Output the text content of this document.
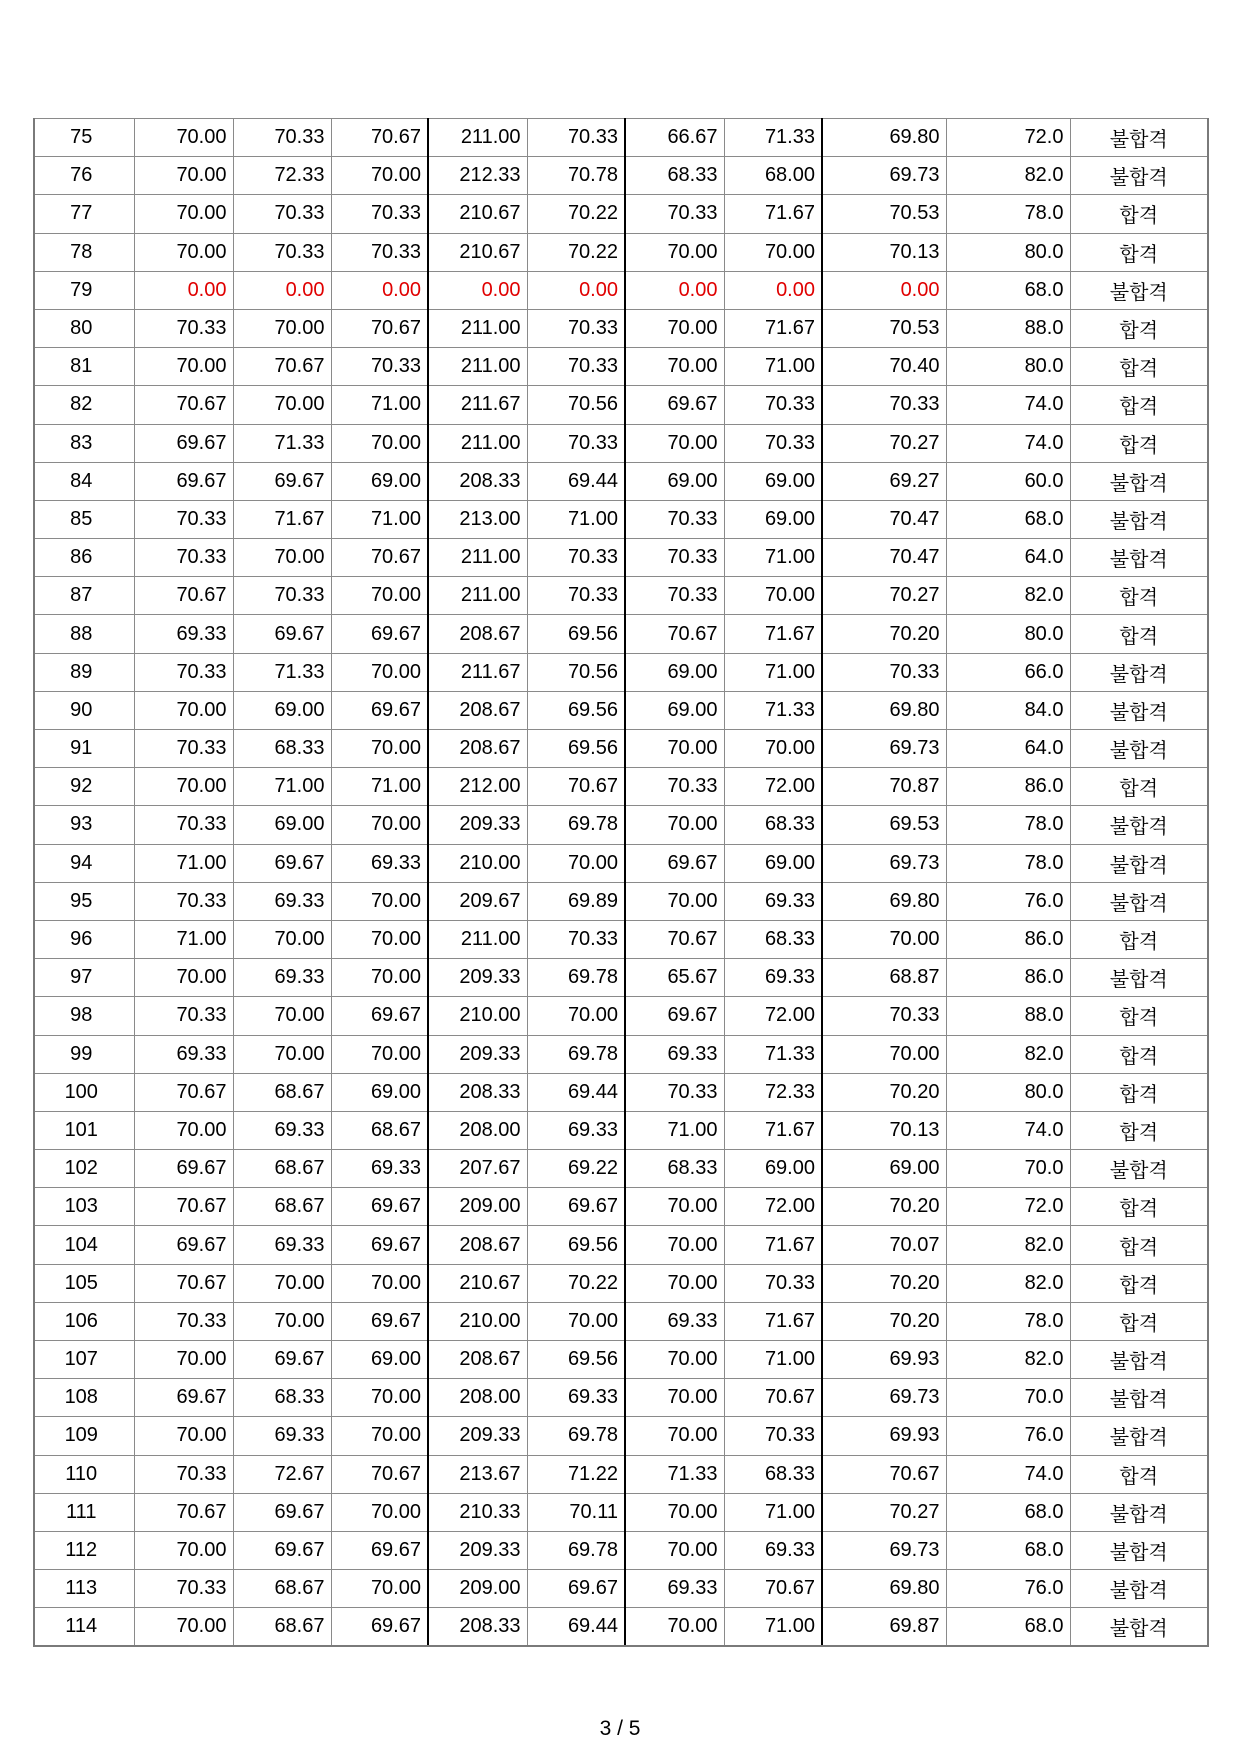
75	70.00	70.33	70.67	211.00	70.33	66.67	71.33	69.80	72.0	불합격
76	70.00	72.33	70.00	212.33	70.78	68.33	68.00	69.73	82.0	불합격
77	70.00	70.33	70.33	210.67	70.22	70.33	71.67	70.53	78.0	합격
78	70.00	70.33	70.33	210.67	70.22	70.00	70.00	70.13	80.0	합격
79	0.00	0.00	0.00	0.00	0.00	0.00	0.00	0.00	68.0	불합격
80	70.33	70.00	70.67	211.00	70.33	70.00	71.67	70.53	88.0	합격
81	70.00	70.67	70.33	211.00	70.33	70.00	71.00	70.40	80.0	합격
82	70.67	70.00	71.00	211.67	70.56	69.67	70.33	70.33	74.0	합격
83	69.67	71.33	70.00	211.00	70.33	70.00	70.33	70.27	74.0	합격
84	69.67	69.67	69.00	208.33	69.44	69.00	69.00	69.27	60.0	불합격
85	70.33	71.67	71.00	213.00	71.00	70.33	69.00	70.47	68.0	불합격
86	70.33	70.00	70.67	211.00	70.33	70.33	71.00	70.47	64.0	불합격
87	70.67	70.33	70.00	211.00	70.33	70.33	70.00	70.27	82.0	합격
88	69.33	69.67	69.67	208.67	69.56	70.67	71.67	70.20	80.0	합격
89	70.33	71.33	70.00	211.67	70.56	69.00	71.00	70.33	66.0	불합격
90	70.00	69.00	69.67	208.67	69.56	69.00	71.33	69.80	84.0	불합격
91	70.33	68.33	70.00	208.67	69.56	70.00	70.00	69.73	64.0	불합격
92	70.00	71.00	71.00	212.00	70.67	70.33	72.00	70.87	86.0	합격
93	70.33	69.00	70.00	209.33	69.78	70.00	68.33	69.53	78.0	불합격
94	71.00	69.67	69.33	210.00	70.00	69.67	69.00	69.73	78.0	불합격
95	70.33	69.33	70.00	209.67	69.89	70.00	69.33	69.80	76.0	불합격
96	71.00	70.00	70.00	211.00	70.33	70.67	68.33	70.00	86.0	합격
97	70.00	69.33	70.00	209.33	69.78	65.67	69.33	68.87	86.0	불합격
98	70.33	70.00	69.67	210.00	70.00	69.67	72.00	70.33	88.0	합격
99	69.33	70.00	70.00	209.33	69.78	69.33	71.33	70.00	82.0	합격
100	70.67	68.67	69.00	208.33	69.44	70.33	72.33	70.20	80.0	합격
101	70.00	69.33	68.67	208.00	69.33	71.00	71.67	70.13	74.0	합격
102	69.67	68.67	69.33	207.67	69.22	68.33	69.00	69.00	70.0	불합격
103	70.67	68.67	69.67	209.00	69.67	70.00	72.00	70.20	72.0	합격
104	69.67	69.33	69.67	208.67	69.56	70.00	71.67	70.07	82.0	합격
105	70.67	70.00	70.00	210.67	70.22	70.00	70.33	70.20	82.0	합격
106	70.33	70.00	69.67	210.00	70.00	69.33	71.67	70.20	78.0	합격
107	70.00	69.67	69.00	208.67	69.56	70.00	71.00	69.93	82.0	불합격
108	69.67	68.33	70.00	208.00	69.33	70.00	70.67	69.73	70.0	불합격
109	70.00	69.33	70.00	209.33	69.78	70.00	70.33	69.93	76.0	불합격
110	70.33	72.67	70.67	213.67	71.22	71.33	68.33	70.67	74.0	합격
111	70.67	69.67	70.00	210.33	70.11	70.00	71.00	70.27	68.0	불합격
112	70.00	69.67	69.67	209.33	69.78	70.00	69.33	69.73	68.0	불합격
113	70.33	68.67	70.00	209.00	69.67	69.33	70.67	69.80	76.0	불합격
114	70.00	68.67	69.67	208.33	69.44	70.00	71.00	69.87	68.0	불합격
3 / 5
